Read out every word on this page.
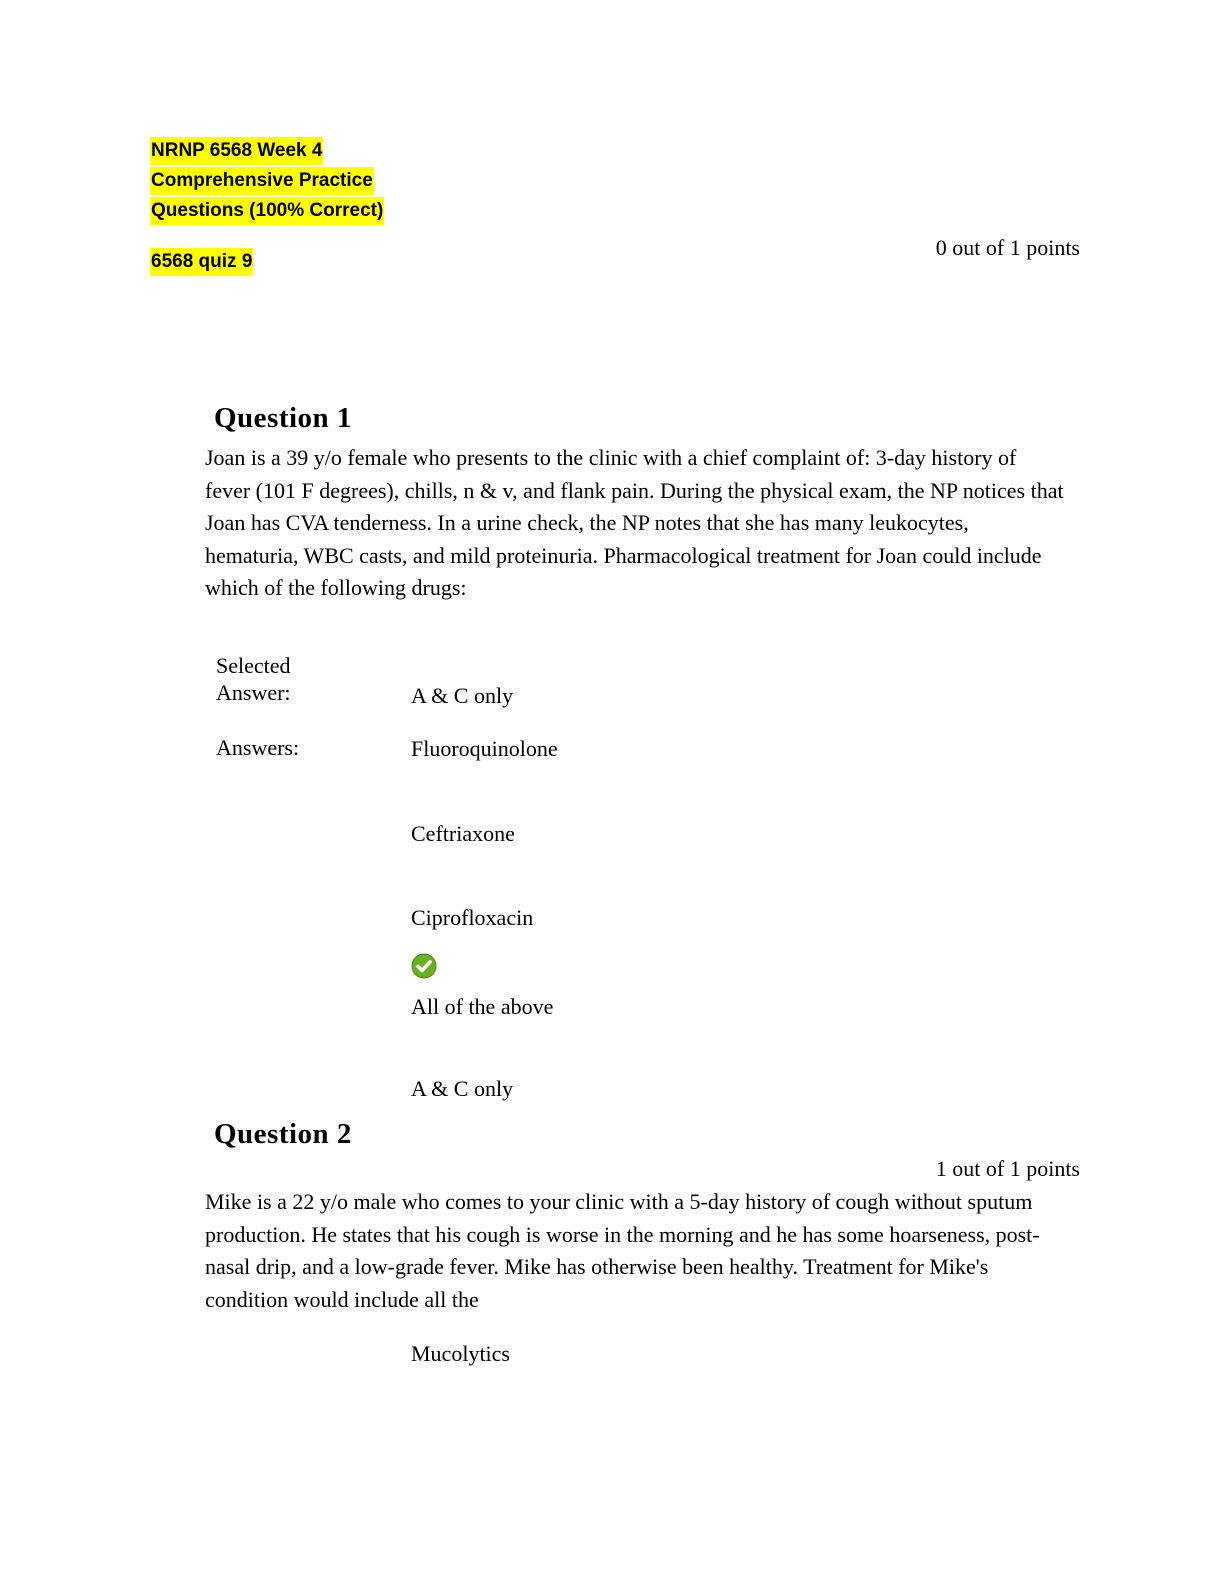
NRNP 6568 Week 4
Comprehensive Practice
Questions (100% Correct)
6568 quiz 9
0 out of 1 points
Question 1
Joan is a 39 y/o female who presents to the clinic with a chief complaint of: 3-day history of fever (101 F degrees), chills, n & v, and flank pain. During the physical exam, the NP notices that Joan has CVA tenderness. In a urine check, the NP notes that she has many leukocytes, hematuria, WBC casts, and mild proteinuria. Pharmacological treatment for Joan could include which of the following drugs:
Selected Answer:	A & C only
Answers:	Fluoroquinolone
Ceftriaxone
Ciprofloxacin
All of the above
A & C only
Question 2
1 out of 1 points
Mike is a 22 y/o male who comes to your clinic with a 5-day history of cough without sputum production. He states that his cough is worse in the morning and he has some hoarseness, post-nasal drip, and a low-grade fever. Mike has otherwise been healthy. Treatment for Mike's condition would include all the
Mucolytics
